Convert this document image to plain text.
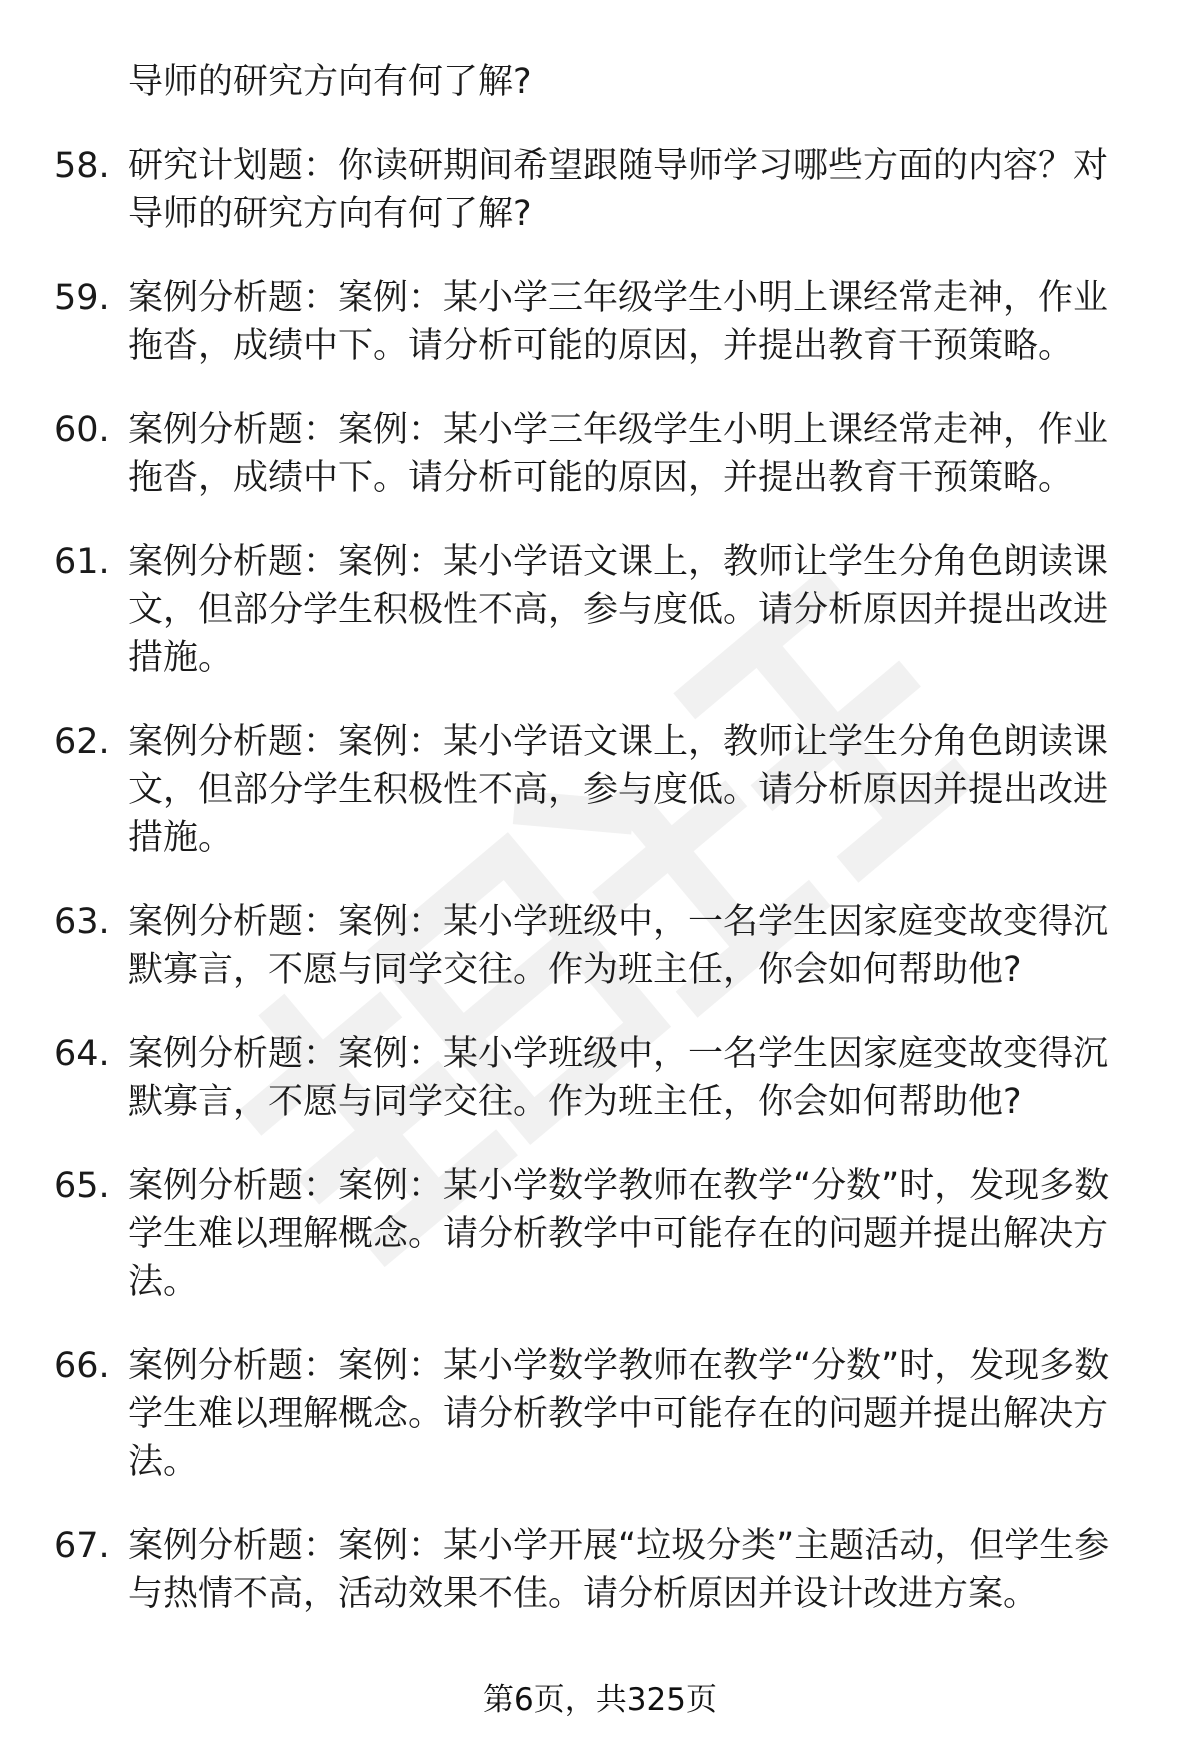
导师的研究方向有何了解?
58. 研究计划题：你读研期间希望跟随导师学习哪些方面的内容？对导师的研究方向有何了解?
59. 案例分析题：案例：某小学三年级学生小明上课经常走神，作业拖沓，成绩中下。请分析可能的原因，并提出教育干预策略。
60. 案例分析题：案例：某小学三年级学生小明上课经常走神，作业拖沓，成绩中下。请分析可能的原因，并提出教育干预策略。
61. 案例分析题：案例：某小学语文课上，教师让学生分角色朗读课文，但部分学生积极性不高，参与度低。请分析原因并提出改进措施。
62. 案例分析题：案例：某小学语文课上，教师让学生分角色朗读课文，但部分学生积极性不高，参与度低。请分析原因并提出改进措施。
63. 案例分析题：案例：某小学班级中，一名学生因家庭变故变得沉默寡言，不愿与同学交往。作为班主任，你会如何帮助他?
64. 案例分析题：案例：某小学班级中，一名学生因家庭变故变得沉默寡言，不愿与同学交往。作为班主任，你会如何帮助他?
65. 案例分析题：案例：某小学数学教师在教学“分数”时，发现多数学生难以理解概念。请分析教学中可能存在的问题并提出解决方法。
66. 案例分析题：案例：某小学数学教师在教学“分数”时，发现多数学生难以理解概念。请分析教学中可能存在的问题并提出解决方法。
67. 案例分析题：案例：某小学开展“垃圾分类”主题活动，但学生参与热情不高，活动效果不佳。请分析原因并设计改进方案。
第6页，共325页
